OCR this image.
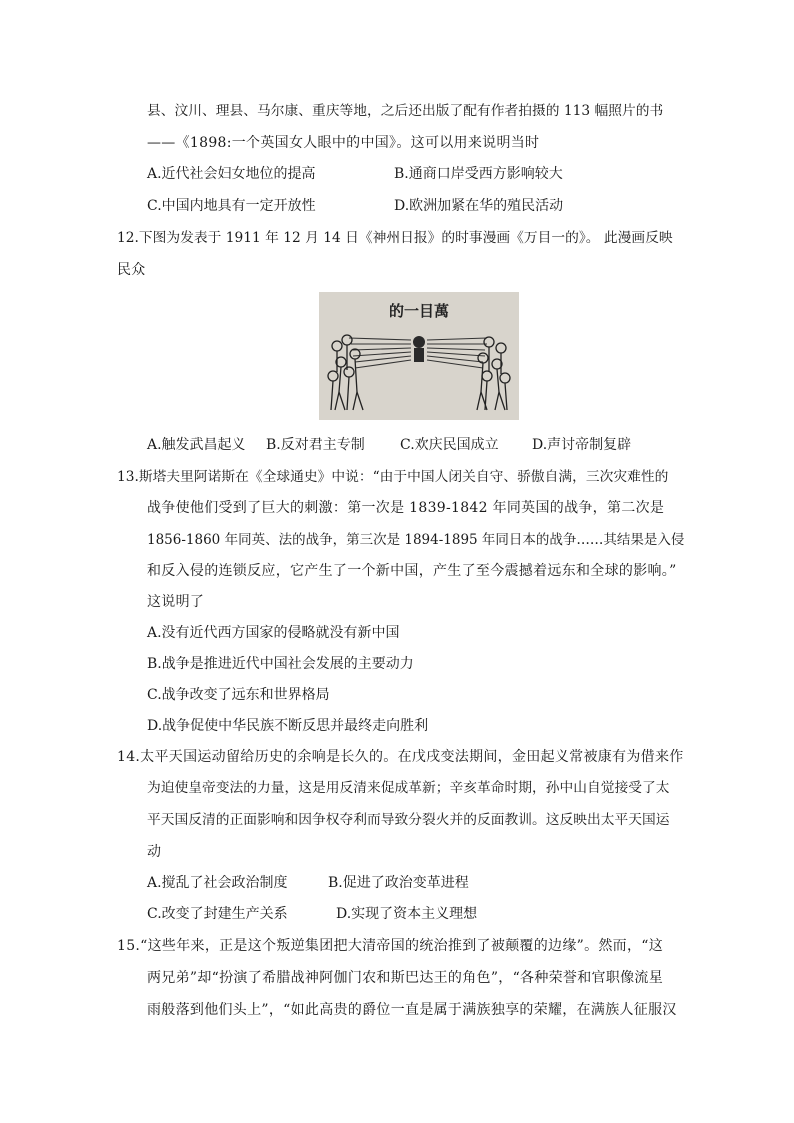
县、汶川、理县、马尔康、重庆等地，之后还出版了配有作者拍摄的 113 幅照片的书
——《1898:一个英国女人眼中的中国》。这可以用来说明当时
A.近代社会妇女地位的提高	B.通商口岸受西方影响较大
C.中国内地具有一定开放性	D.欧洲加紧在华的殖民活动
12.下图为发表于 1911 年 12 月 14 日《神州日报》的时事漫画《万目一的》。 此漫画反映
民众
的一目萬
A.触发武昌起义 B.反对君主专制	C.欢庆民国成立 D.声讨帝制复辟
13.斯塔夫里阿诺斯在《全球通史》中说：“由于中国人闭关自守、骄傲自满，三次灾难性的
战争使他们受到了巨大的刺激：第一次是 1839-1842 年同英国的战争，第二次是
1856-1860 年同英、法的战争，第三次是 1894-1895 年同日本的战争……其结果是入侵
和反入侵的连锁反应，它产生了一个新中国，产生了至今震撼着远东和全球的影响。”
这说明了
A.没有近代西方国家的侵略就没有新中国
B.战争是推进近代中国社会发展的主要动力
C.战争改变了远东和世界格局
D.战争促使中华民族不断反思并最终走向胜利
14.太平天国运动留给历史的余响是长久的。在戊戌变法期间，金田起义常被康有为借来作
为迫使皇帝变法的力量，这是用反清来促成革新；辛亥革命时期，孙中山自觉接受了太
平天国反清的正面影响和因争权夺利而导致分裂火并的反面教训。这反映出太平天国运
动
A.搅乱了社会政治制度	B.促进了政治变革进程
C.改变了封建生产关系	D.实现了资本主义理想
15.“这些年来，正是这个叛逆集团把大清帝国的统治推到了被颠覆的边缘”。然而，“这
两兄弟”却“扮演了希腊战神阿伽门农和斯巴达王的角色”，“各种荣誉和官职像流星
雨般落到他们头上”，“如此高贵的爵位一直是属于满族独享的荣耀，在满族人征服汉
